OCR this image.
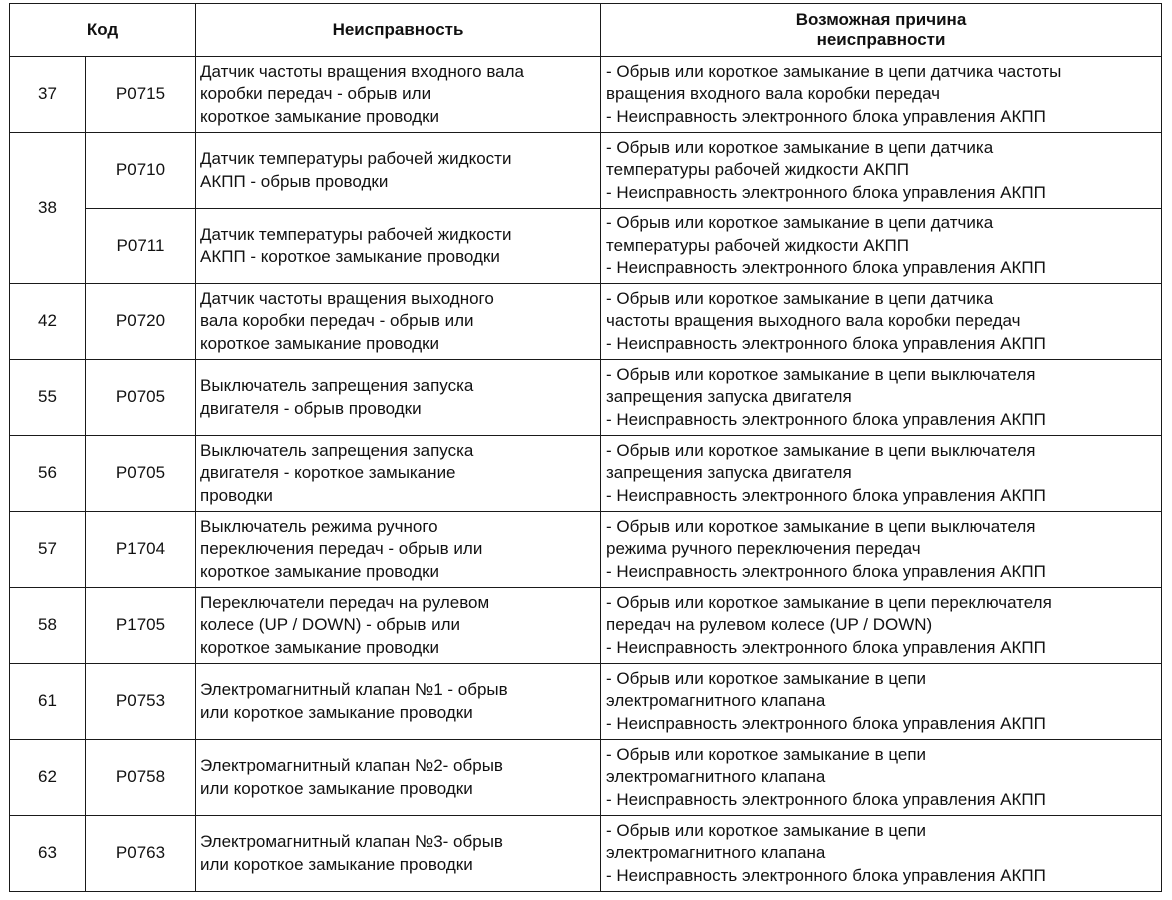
Код		Неисправность	Возможная причина
неисправности

37	P0715	Датчик частоты вращения входного вала
коробки передач - обрыв или
короткое замыкание проводки	- Обрыв или короткое замыкание в цепи датчика частоты
вращения входного вала коробки передач
- Неисправность электронного блока управления АКПП

38	P0710	Датчик температуры рабочей жидкости
АКПП - обрыв проводки	- Обрыв или короткое замыкание в цепи датчика
температуры рабочей жидкости АКПП
- Неисправность электронного блока управления АКПП

	P0711	Датчик температуры рабочей жидкости
АКПП - короткое замыкание проводки	- Обрыв или короткое замыкание в цепи датчика
температуры рабочей жидкости АКПП
- Неисправность электронного блока управления АКПП

42	P0720	Датчик частоты вращения выходного
вала коробки передач - обрыв или
короткое замыкание проводки	- Обрыв или короткое замыкание в цепи датчика
частоты вращения выходного вала коробки передач
- Неисправность электронного блока управления АКПП

55	P0705	Выключатель запрещения запуска
двигателя - обрыв проводки	- Обрыв или короткое замыкание в цепи выключателя
запрещения запуска двигателя
- Неисправность электронного блока управления АКПП

56	P0705	Выключатель запрещения запуска
двигателя - короткое замыкание
проводки	- Обрыв или короткое замыкание в цепи выключателя
запрещения запуска двигателя
- Неисправность электронного блока управления АКПП

57	P1704	Выключатель режима ручного
переключения передач - обрыв или
короткое замыкание проводки	- Обрыв или короткое замыкание в цепи выключателя
режима ручного переключения передач
- Неисправность электронного блока управления АКПП

58	P1705	Переключатели передач на рулевом
колесе (UP / DOWN) - обрыв или
короткое замыкание проводки	- Обрыв или короткое замыкание в цепи переключателя
передач на рулевом колесе (UP / DOWN)
- Неисправность электронного блока управления АКПП

61	P0753	Электромагнитный клапан №1 - обрыв
или короткое замыкание проводки	- Обрыв или короткое замыкание в цепи
электромагнитного клапана
- Неисправность электронного блока управления АКПП

62	P0758	Электромагнитный клапан №2- обрыв
или короткое замыкание проводки	- Обрыв или короткое замыкание в цепи
электромагнитного клапана
- Неисправность электронного блока управления АКПП

63	P0763	Электромагнитный клапан №3- обрыв
или короткое замыкание проводки	- Обрыв или короткое замыкание в цепи
электромагнитного клапана
- Неисправность электронного блока управления АКПП
